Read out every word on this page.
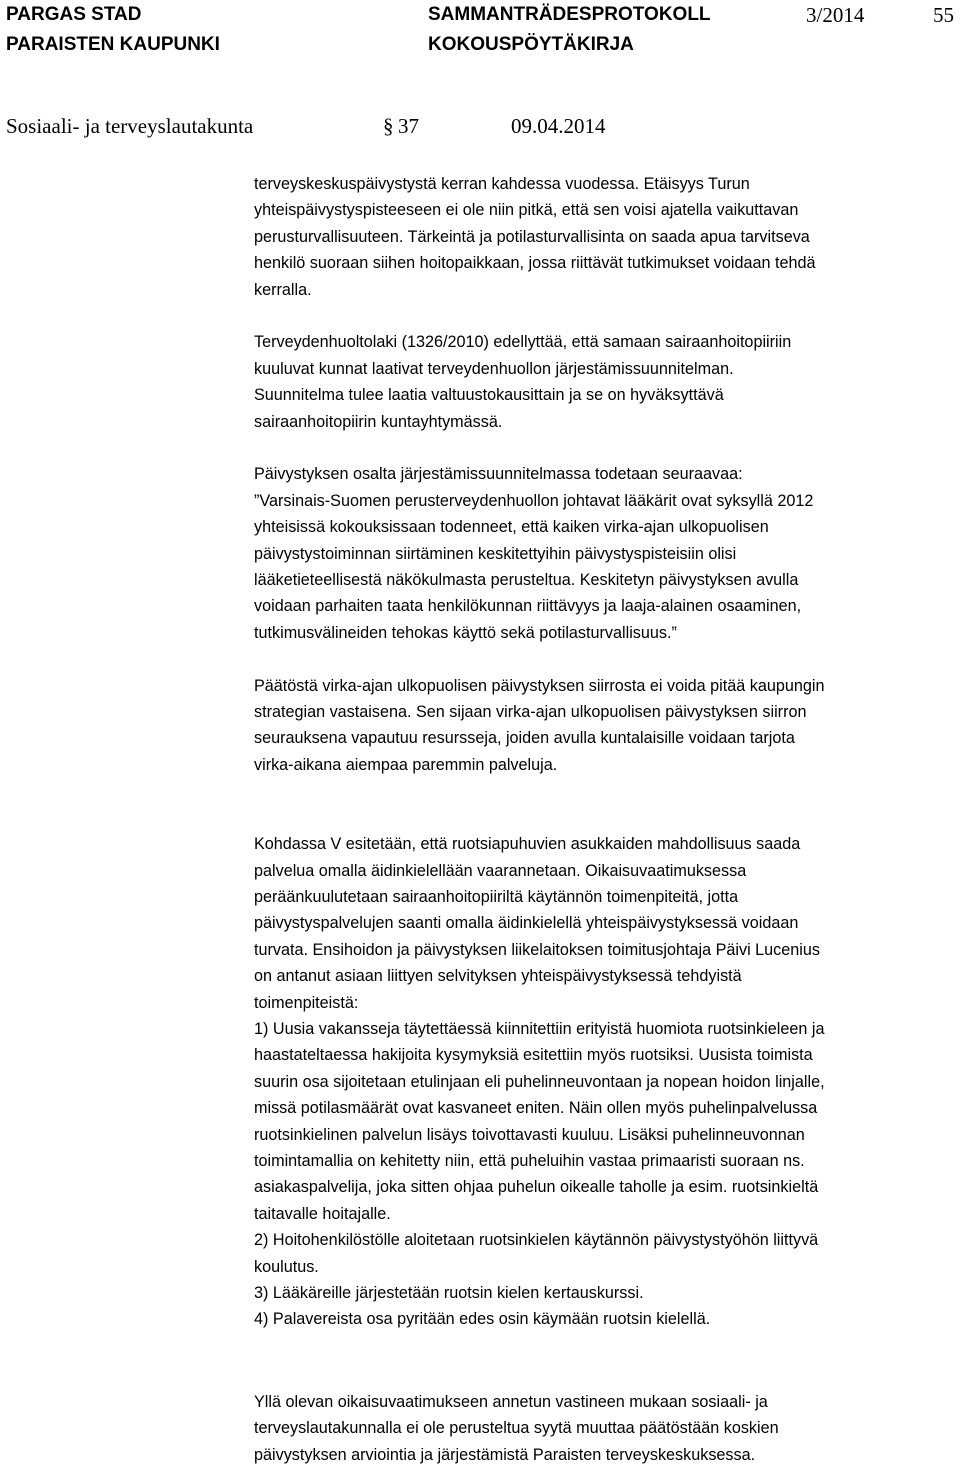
PARGAS STAD
PARAISTEN KAUPUNKI
SAMMANTRÄDESPROTOKOLL
KOKOUSPÖYTÄKIRJA
3/2014	55
Sosiaali- ja terveyslautakunta	§ 37	09.04.2014

terveyskeskuspäivystystä kerran kahdessa vuodessa. Etäisyys Turun
yhteispäivystyspisteeseen ei ole niin pitkä, että sen voisi ajatella vaikuttavan
perusturvallisuuteen. Tärkeintä ja potilasturvallisinta on saada apua tarvitseva
henkilö suoraan siihen hoitopaikkaan, jossa riittävät tutkimukset voidaan tehdä
kerralla.

Terveydenhuoltolaki (1326/2010) edellyttää, että samaan sairaanhoitopiiriin
kuuluvat kunnat laativat terveydenhuollon järjestämissuunnitelman.
Suunnitelma tulee laatia valtuustokausittain ja se on hyväksyttävä
sairaanhoitopiirin kuntayhtymässä.

Päivystyksen osalta järjestämissuunnitelmassa todetaan seuraavaa:
”Varsinais-Suomen perusterveydenhuollon johtavat lääkärit ovat syksyllä 2012
yhteisissä kokouksissaan todenneet, että kaiken virka-ajan ulkopuolisen
päivystystoiminnan siirtäminen keskitettyihin päivystyspisteisiin olisi
lääketieteellisestä näkökulmasta perusteltua. Keskitetyn päivystyksen avulla
voidaan parhaiten taata henkilökunnan riittävyys ja laaja-alainen osaaminen,
tutkimusvälineiden tehokas käyttö sekä potilasturvallisuus.”

Päätöstä virka-ajan ulkopuolisen päivystyksen siirrosta ei voida pitää kaupungin
strategian vastaisena. Sen sijaan virka-ajan ulkopuolisen päivystyksen siirron
seurauksena vapautuu resursseja, joiden avulla kuntalaisille voidaan tarjota
virka-aikana aiempaa paremmin palveluja.

Kohdassa V esitetään, että ruotsiapuhuvien asukkaiden mahdollisuus saada
palvelua omalla äidinkielellään vaarannetaan. Oikaisuvaatimuksessa
peräänkuulutetaan sairaanhoitopiiriltä käytännön toimenpiteitä, jotta
päivystyspalvelujen saanti omalla äidinkielellä yhteispäivystyksessä voidaan
turvata. Ensihoidon ja päivystyksen liikelaitoksen toimitusjohtaja Päivi Lucenius
on antanut asiaan liittyen selvityksen yhteispäivystyksessä tehdyistä
toimenpiteistä:
1) Uusia vakansseja täytettäessä kiinnitettiin erityistä huomiota ruotsinkieleen ja
haastateltaessa hakijoita kysymyksiä esitettiin myös ruotsiksi. Uusista toimista
suurin osa sijoitetaan etulinjaan eli puhelinneuvontaan ja nopean hoidon linjalle,
missä potilasmäärät ovat kasvaneet eniten. Näin ollen myös puhelinpalvelussa
ruotsinkielinen palvelun lisäys toivottavasti kuuluu. Lisäksi puhelinneuvonnan
toimintamallia on kehitetty niin, että puheluihin vastaa primaaristi suoraan ns.
asiakaspalvelija, joka sitten ohjaa puhelun oikealle taholle ja esim. ruotsinkieltä
taitavalle hoitajalle.
2) Hoitohenkilöstölle aloitetaan ruotsinkielen käytännön päivystystyöhön liittyvä
koulutus.
3) Lääkäreille järjestetään ruotsin kielen kertauskurssi.
4) Palavereista osa pyritään edes osin käymään ruotsin kielellä.

Yllä olevan oikaisuvaatimukseen annetun vastineen mukaan sosiaali- ja
terveyslautakunnalla ei ole perusteltua syytä muuttaa päätöstään koskien
päivystyksen arviointia ja järjestämistä Paraisten terveyskeskuksessa.
